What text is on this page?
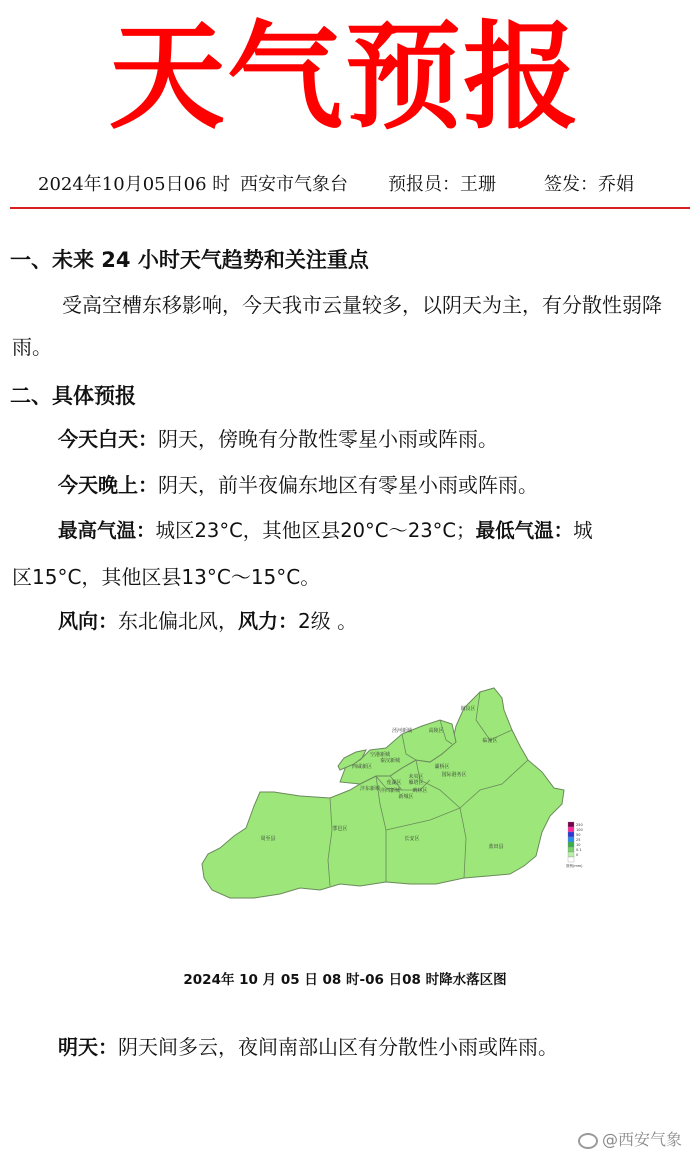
天气预报
2024年10月05日06 时 西安市气象台 预报员：王珊	签发：乔娟
一、未来 24 小时天气趋势和关注重点
受高空槽东移影响，今天我市云量较多，以阴天为主，有分散性弱降雨。
二、具体预报
今天白天：阴天，傍晚有分散性零星小雨或阵雨。
今天晚上：阴天，前半夜偏东地区有零星小雨或阵雨。
最高气温：城区23°C，其他区县20°C～23°C；最低气温：城
区15°C，其他区县13°C～15°C。
风向：东北偏北风，风力：2级 。
周至县
鄠邑区
长安区
蓝田县
临潼区
阎良区
高陵区
泾河新城
未央区
灞桥区
雁塔区
莲湖区
碑林区
新城区
西咸新区
空港新城
秦汉新城
沣东新城 沣西新城
国际港务区
250
100
50
25
10
0.1
0
图例(mm)
2024年 10 月 05 日 08 时-06 日08 时降水落区图
明天：阴天间多云，夜间南部山区有分散性小雨或阵雨。
@西安气象
